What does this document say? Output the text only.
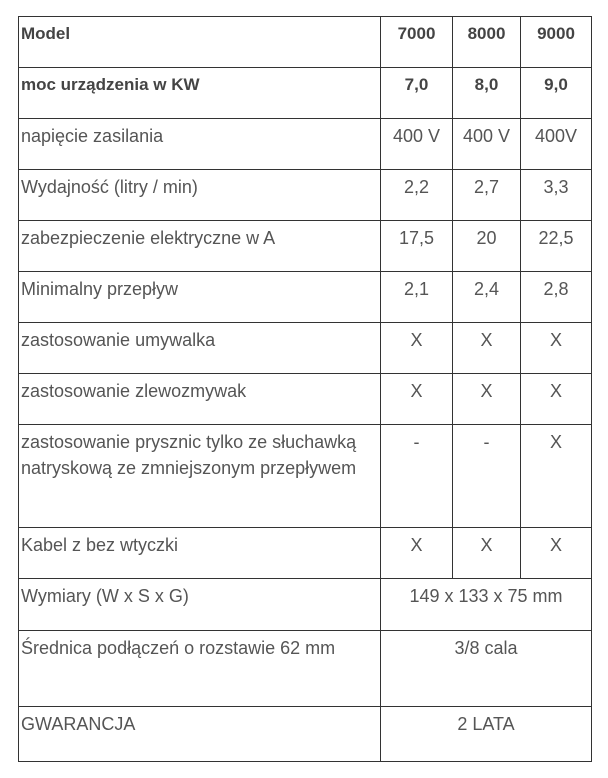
Model	7000	8000	9000
moc urządzenia w KW	7,0	8,0	9,0
napięcie zasilania	400 V	400 V	400V
Wydajność (litry / min)	2,2	2,7	3,3
zabezpieczenie elektryczne w A	17,5	20	22,5
Minimalny przepływ	2,1	2,4	2,8
zastosowanie umywalka	X	X	X
zastosowanie zlewozmywak	X	X	X
zastosowanie prysznic tylko ze słuchawką natryskową ze zmniejszonym przepływem	-	-	X
Kabel z bez wtyczki	X	X	X
Wymiary (W x S x G)	149 x 133 x 75 mm		
Średnica podłączeń o rozstawie 62 mm	3/8 cala		
GWARANCJA	2 LATA		
